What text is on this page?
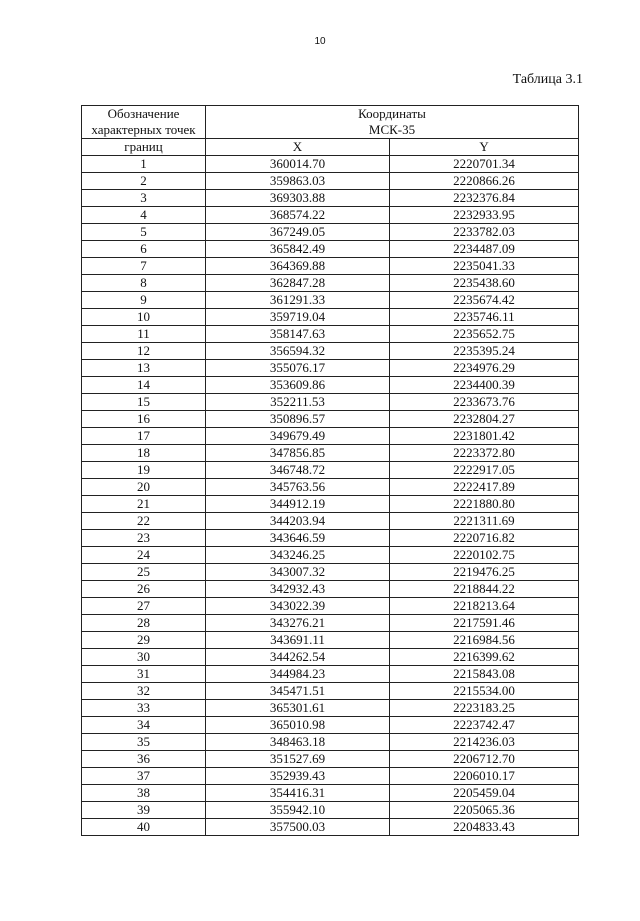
10
Таблица 3.1
Обозначение
характерных точек	Координаты
МСК-35	

границ	X	Y
1	360014.70	2220701.34
2	359863.03	2220866.26
3	369303.88	2232376.84
4	368574.22	2232933.95
5	367249.05	2233782.03
6	365842.49	2234487.09
7	364369.88	2235041.33
8	362847.28	2235438.60
9	361291.33	2235674.42
10	359719.04	2235746.11
11	358147.63	2235652.75
12	356594.32	2235395.24
13	355076.17	2234976.29
14	353609.86	2234400.39
15	352211.53	2233673.76
16	350896.57	2232804.27
17	349679.49	2231801.42
18	347856.85	2223372.80
19	346748.72	2222917.05
20	345763.56	2222417.89
21	344912.19	2221880.80
22	344203.94	2221311.69
23	343646.59	2220716.82
24	343246.25	2220102.75
25	343007.32	2219476.25
26	342932.43	2218844.22
27	343022.39	2218213.64
28	343276.21	2217591.46
29	343691.11	2216984.56
30	344262.54	2216399.62
31	344984.23	2215843.08
32	345471.51	2215534.00
33	365301.61	2223183.25
34	365010.98	2223742.47
35	348463.18	2214236.03
36	351527.69	2206712.70
37	352939.43	2206010.17
38	354416.31	2205459.04
39	355942.10	2205065.36
40	357500.03	2204833.43
